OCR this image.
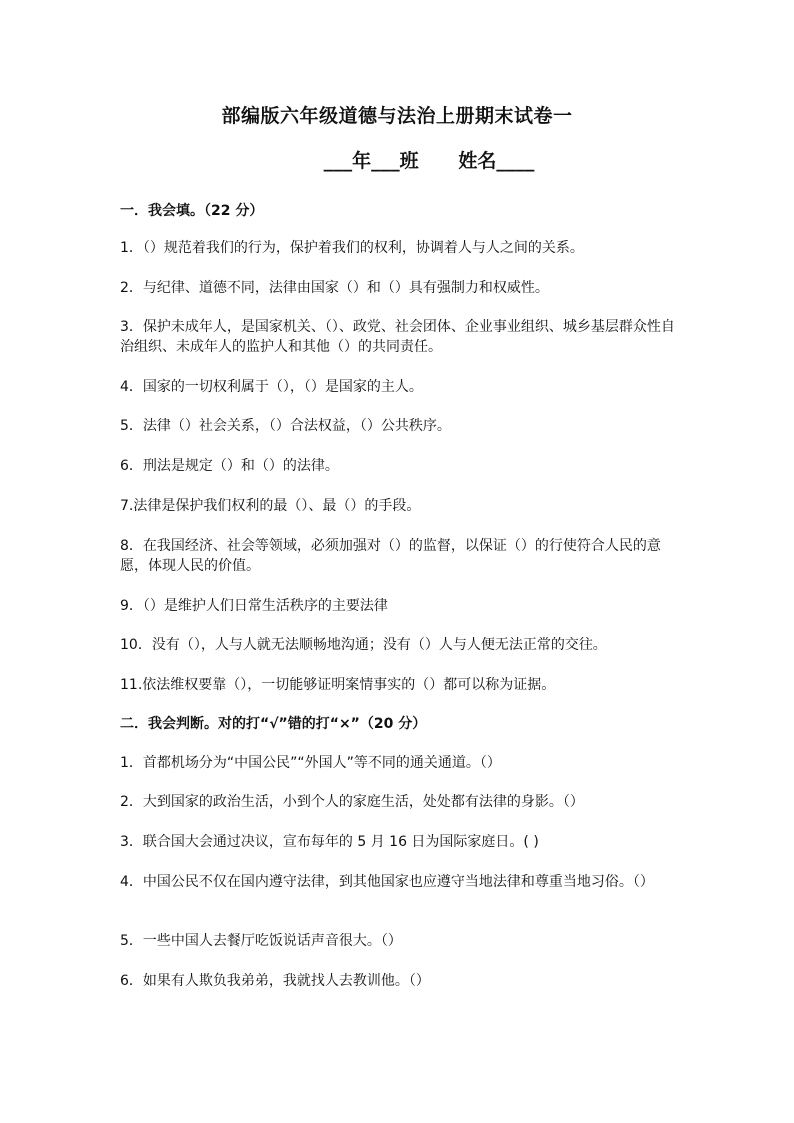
部编版六年级道德与法治上册期末试卷一
___年___班      姓名____
一．我会填。（22 分）
1．（）规范着我们的行为，保护着我们的权利，协调着人与人之间的关系。
2．与纪律、道德不同，法律由国家（）和（）具有强制力和权威性。
3．保护未成年人，是国家机关、（）、政党、社会团体、企业事业组织、城乡基层群众性自治组织、未成年人的监护人和其他（）的共同责任。
4．国家的一切权利属于（），（）是国家的主人。
5．法律（）社会关系，（）合法权益，（）公共秩序。
6．刑法是规定（）和（）的法律。
7.法律是保护我们权利的最（）、最（）的手段。
8．在我国经济、社会等领域，必须加强对（）的监督，以保证（）的行使符合人民的意愿，体现人民的价值。
9．（）是维护人们日常生活秩序的主要法律
10．没有（），人与人就无法顺畅地沟通；没有（）人与人便无法正常的交往。
11.依法维权要靠（），一切能够证明案情事实的（）都可以称为证据。
二．我会判断。对的打“√”错的打“×”（20 分）
1．首都机场分为“中国公民”“外国人”等不同的通关通道。（）
2．大到国家的政治生活，小到个人的家庭生活，处处都有法律的身影。（）
3．联合国大会通过决议，宣布每年的 5 月 16 日为国际家庭日。( )
4．中国公民不仅在国内遵守法律，到其他国家也应遵守当地法律和尊重当地习俗。（）
5．一些中国人去餐厅吃饭说话声音很大。（）
6．如果有人欺负我弟弟，我就找人去教训他。（）
